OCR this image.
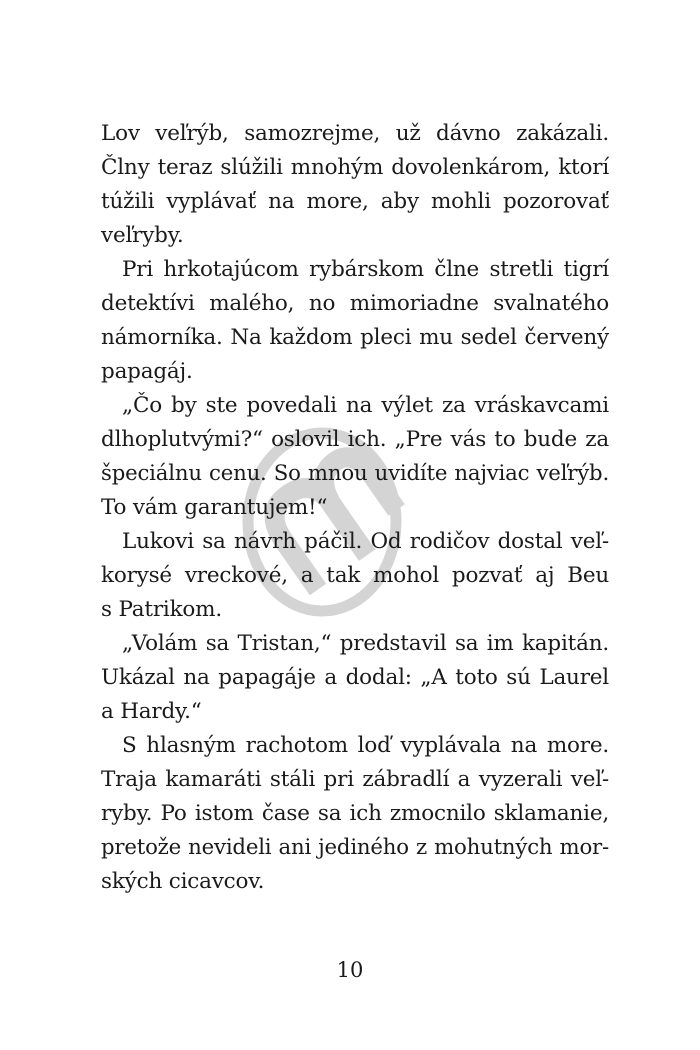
Lov veľrýb, samozrejme, už dávno zakázali.
Člny teraz slúžili mnohým dovolenkárom, ktorí
túžili vyplávať na more, aby mohli pozorovať
veľryby.
Pri hrkotajúcom rybárskom člne stretli tigrí
detektívi malého, no mimoriadne svalnatého
námorníka. Na každom pleci mu sedel červený
papagáj.
„Čo by ste povedali na výlet za vráskavcami
dlhoplutvými?“ oslovil ich. „Pre vás to bude za
špeciálnu cenu. So mnou uvidíte najviac veľrýb.
To vám garantujem!“
Lukovi sa návrh páčil. Od rodičov dostal veľ-
korysé vreckové, a tak mohol pozvať aj Beu
s Patrikom.
„Volám sa Tristan,“ predstavil sa im kapitán.
Ukázal na papagáje a dodal: „A toto sú Laurel
a Hardy.“
S hlasným rachotom loď vyplávala na more.
Traja kamaráti stáli pri zábradlí a vyzerali veľ-
ryby. Po istom čase sa ich zmocnilo sklamanie,
pretože nevideli ani jediného z mohutných mor-
ských cicavcov.
10
